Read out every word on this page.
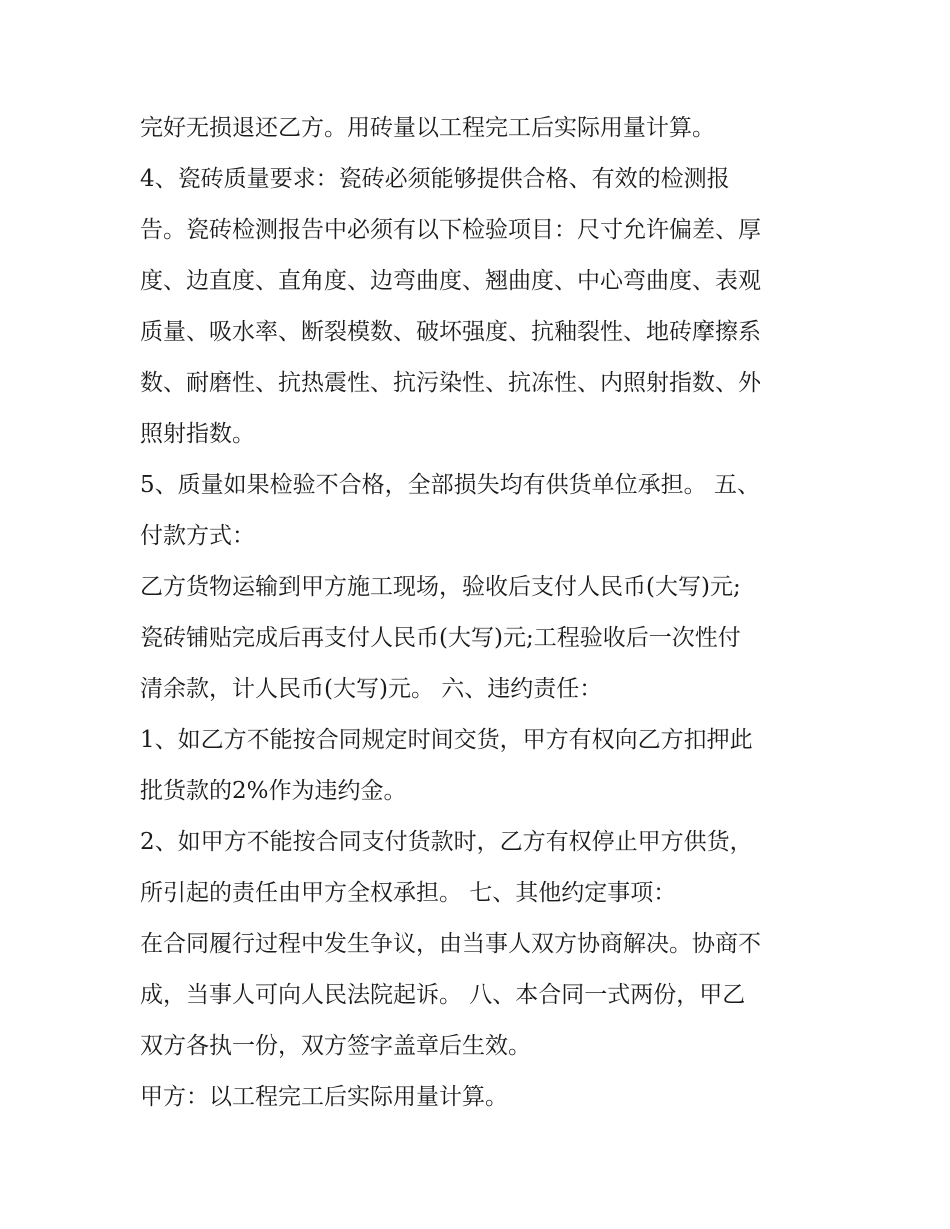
完好无损退还乙方。用砖量以工程完工后实际用量计算。
4、瓷砖质量要求：瓷砖必须能够提供合格、有效的检测报
告。瓷砖检测报告中必须有以下检验项目：尺寸允许偏差、厚
度、边直度、直角度、边弯曲度、翘曲度、中心弯曲度、表观
质量、吸水率、断裂模数、破坏强度、抗釉裂性、地砖摩擦系
数、耐磨性、抗热震性、抗污染性、抗冻性、内照射指数、外
照射指数。
5、质量如果检验不合格，全部损失均有供货单位承担。 五、
付款方式：
乙方货物运输到甲方施工现场，验收后支付人民币(大写)元;
瓷砖铺贴完成后再支付人民币(大写)元;工程验收后一次性付
清余款，计人民币(大写)元。 六、违约责任：
1、如乙方不能按合同规定时间交货，甲方有权向乙方扣押此
批货款的2%作为违约金。
2、如甲方不能按合同支付货款时，乙方有权停止甲方供货，
所引起的责任由甲方全权承担。 七、其他约定事项：
在合同履行过程中发生争议，由当事人双方协商解决。协商不
成，当事人可向人民法院起诉。 八、本合同一式两份，甲乙
双方各执一份，双方签字盖章后生效。
甲方：以工程完工后实际用量计算。
